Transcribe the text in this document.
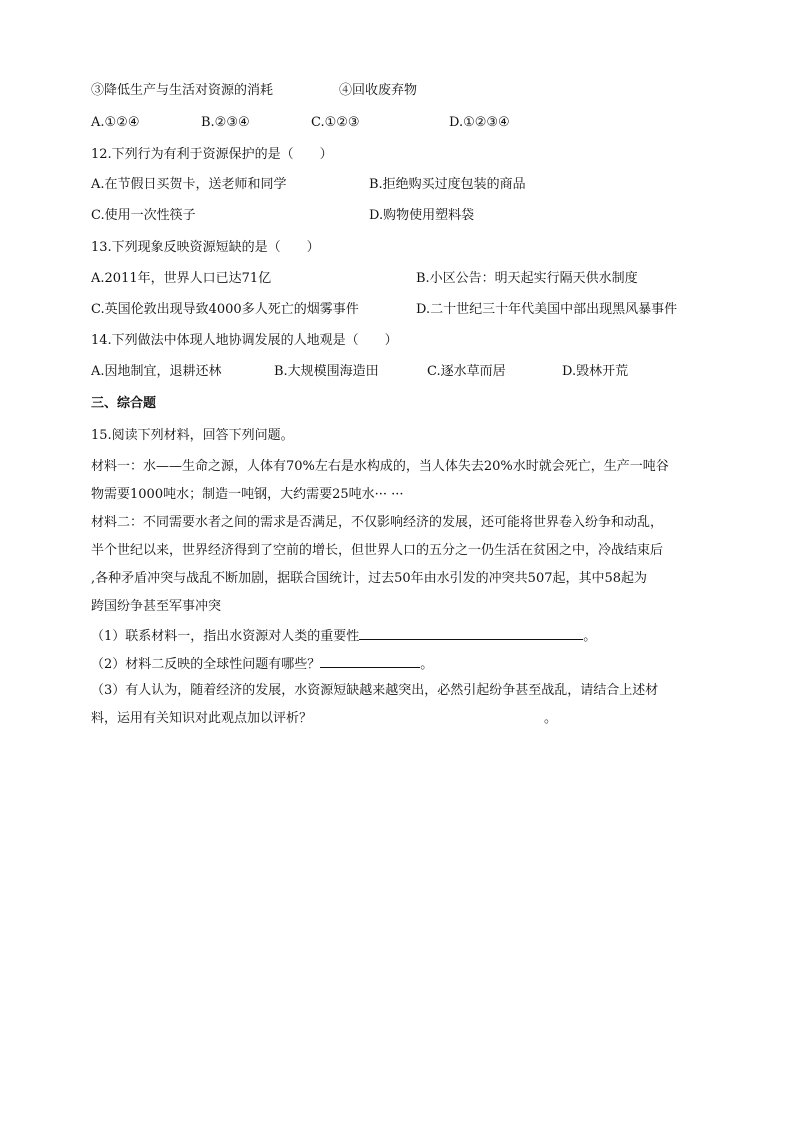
③降低生产与生活对资源的消耗	④回收废弃物
A.①②④	B.②③④	C.①②③	D.①②③④
12.下列行为有利于资源保护的是（　　）
A.在节假日买贺卡，送老师和同学	B.拒绝购买过度包装的商品
C.使用一次性筷子	D.购物使用塑料袋
13.下列现象反映资源短缺的是（　　）
A.2011年，世界人口已达71亿	B.小区公告：明天起实行隔天供水制度
C.英国伦敦出现导致4000多人死亡的烟雾事件	D.二十世纪三十年代美国中部出现黑风暴事件
14.下列做法中体现人地协调发展的人地观是（　　）
A.因地制宜，退耕还林	B.大规模围海造田	C.逐水草而居	D.毁林开荒
三、综合题
15.阅读下列材料，回答下列问题。
材料一：水——生命之源，人体有70%左右是水构成的，当人体失去20%水时就会死亡，生产一吨谷
物需要1000吨水；制造一吨钢，大约需要25吨水··· ···
材料二：不同需要水者之间的需求是否满足，不仅影响经济的发展，还可能将世界卷入纷争和动乱，
半个世纪以来，世界经济得到了空前的增长，但世界人口的五分之一仍生活在贫困之中，冷战结束后
,各种矛盾冲突与战乱不断加剧，据联合国统计，过去50年由水引发的冲突共507起，其中58起为
跨国纷争甚至军事冲突
（1）联系材料一，指出水资源对人类的重要性	。
（2）材料二反映的全球性问题有哪些？	。
（3）有人认为，随着经济的发展，水资源短缺越来越突出，必然引起纷争甚至战乱，请结合上述材
料，运用有关知识对此观点加以评析？	。
